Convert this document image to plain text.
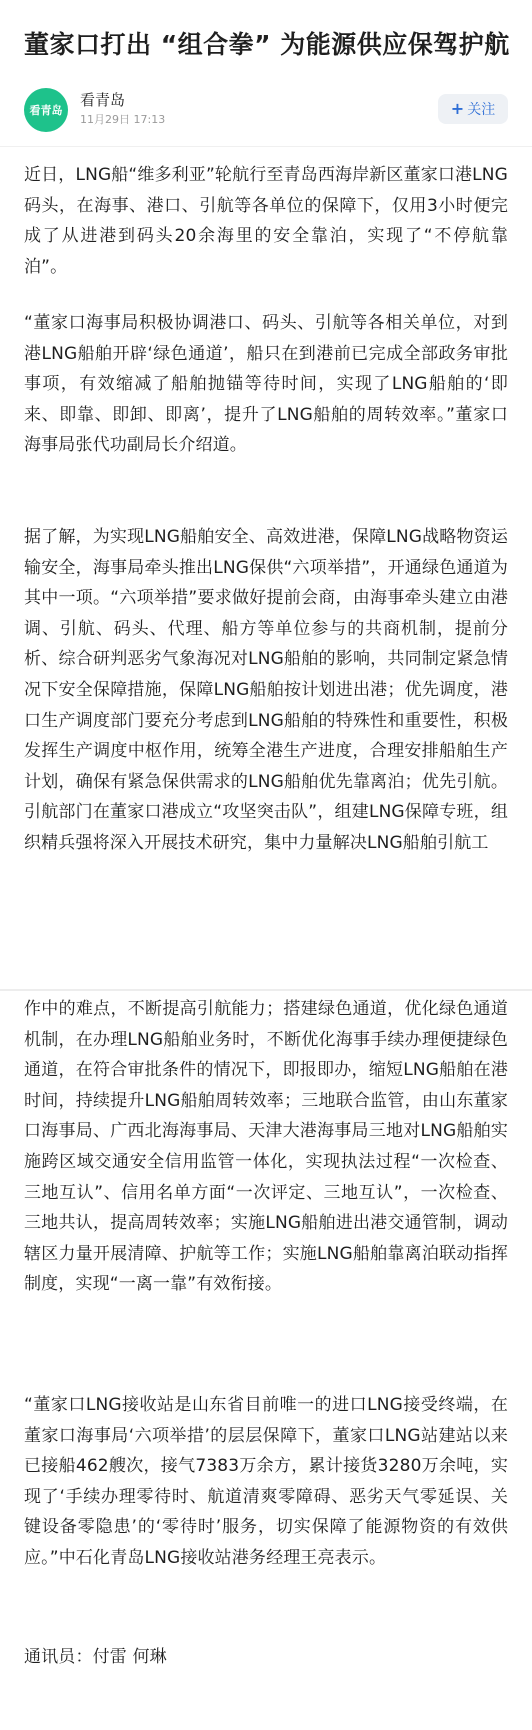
董家口打出 “组合拳” 为能源供应保驾护航
看青岛
看青岛
11月29日 17:13
+ 关注
近日，LNG船“维多利亚”轮航行至青岛西海岸新区董家口港LNG码头，在海事、港口、引航等各单位的保障下，仅用3小时便完成了从进港到码头20余海里的安全靠泊，实现了“不停航靠泊”。
“董家口海事局积极协调港口、码头、引航等各相关单位，对到港LNG船舶开辟‘绿色通道’，船只在到港前已完成全部政务审批事项，有效缩减了船舶抛锚等待时间，实现了LNG船舶的‘即来、即靠、即卸、即离’，提升了LNG船舶的周转效率。”董家口海事局张代功副局长介绍道。
据了解，为实现LNG船舶安全、高效进港，保障LNG战略物资运输安全，海事局牵头推出LNG保供“六项举措”，开通绿色通道为其中一项。“六项举措”要求做好提前会商，由海事牵头建立由港调、引航、码头、代理、船方等单位参与的共商机制，提前分析、综合研判恶劣气象海况对LNG船舶的影响，共同制定紧急情况下安全保障措施，保障LNG船舶按计划进出港；优先调度，港口生产调度部门要充分考虑到LNG船舶的特殊性和重要性，积极发挥生产调度中枢作用，统筹全港生产进度，合理安排船舶生产计划，确保有紧急保供需求的LNG船舶优先靠离泊；优先引航。引航部门在董家口港成立“攻坚突击队”，组建LNG保障专班，组织精兵强将深入开展技术研究，集中力量解决LNG船舶引航工
作中的难点，不断提高引航能力；搭建绿色通道，优化绿色通道机制，在办理LNG船舶业务时，不断优化海事手续办理便捷绿色通道，在符合审批条件的情况下，即报即办，缩短LNG船舶在港时间，持续提升LNG船舶周转效率；三地联合监管，由山东董家口海事局、广西北海海事局、天津大港海事局三地对LNG船舶实施跨区域交通安全信用监管一体化，实现执法过程“一次检查、三地互认”、信用名单方面“一次评定、三地互认”，一次检查、三地共认，提高周转效率；实施LNG船舶进出港交通管制，调动辖区力量开展清障、护航等工作；实施LNG船舶靠离泊联动指挥制度，实现“一离一靠”有效衔接。
“董家口LNG接收站是山东省目前唯一的进口LNG接受终端，在董家口海事局‘六项举措’的层层保障下，董家口LNG站建站以来已接船462艘次，接气7383万余方，累计接货3280万余吨，实现了‘手续办理零待时、航道清爽零障碍、恶劣天气零延误、关键设备零隐患’的‘零待时’服务，切实保障了能源物资的有效供应。”中石化青岛LNG接收站港务经理王亮表示。
通讯员：付雷 何琳
